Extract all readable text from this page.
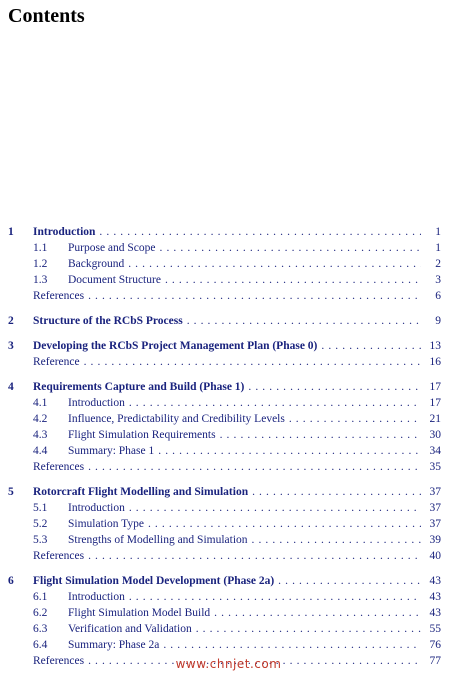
Contents
1 Introduction . . .	1
1.1 Purpose and Scope . . .	1
1.2 Background . . .	2
1.3 Document Structure . . .	3
References . . .	6
2 Structure of the RCbS Process . . .	9
3 Developing the RCbS Project Management Plan (Phase 0) . . .	13
Reference . . .	16
4 Requirements Capture and Build (Phase 1) . . .	17
4.1 Introduction . . .	17
4.2 Influence, Predictability and Credibility Levels . . .	21
4.3 Flight Simulation Requirements . . .	30
4.4 Summary: Phase 1 . . .	34
References . . .	35
5 Rotorcraft Flight Modelling and Simulation . . .	37
5.1 Introduction . . .	37
5.2 Simulation Type . . .	37
5.3 Strengths of Modelling and Simulation . . .	39
References . . .	40
6 Flight Simulation Model Development (Phase 2a) . . .	43
6.1 Introduction . . .	43
6.2 Flight Simulation Model Build . . .	43
6.3 Verification and Validation . . .	55
6.4 Summary: Phase 2a . . .	76
References . . .	77
www.chnjet.com
